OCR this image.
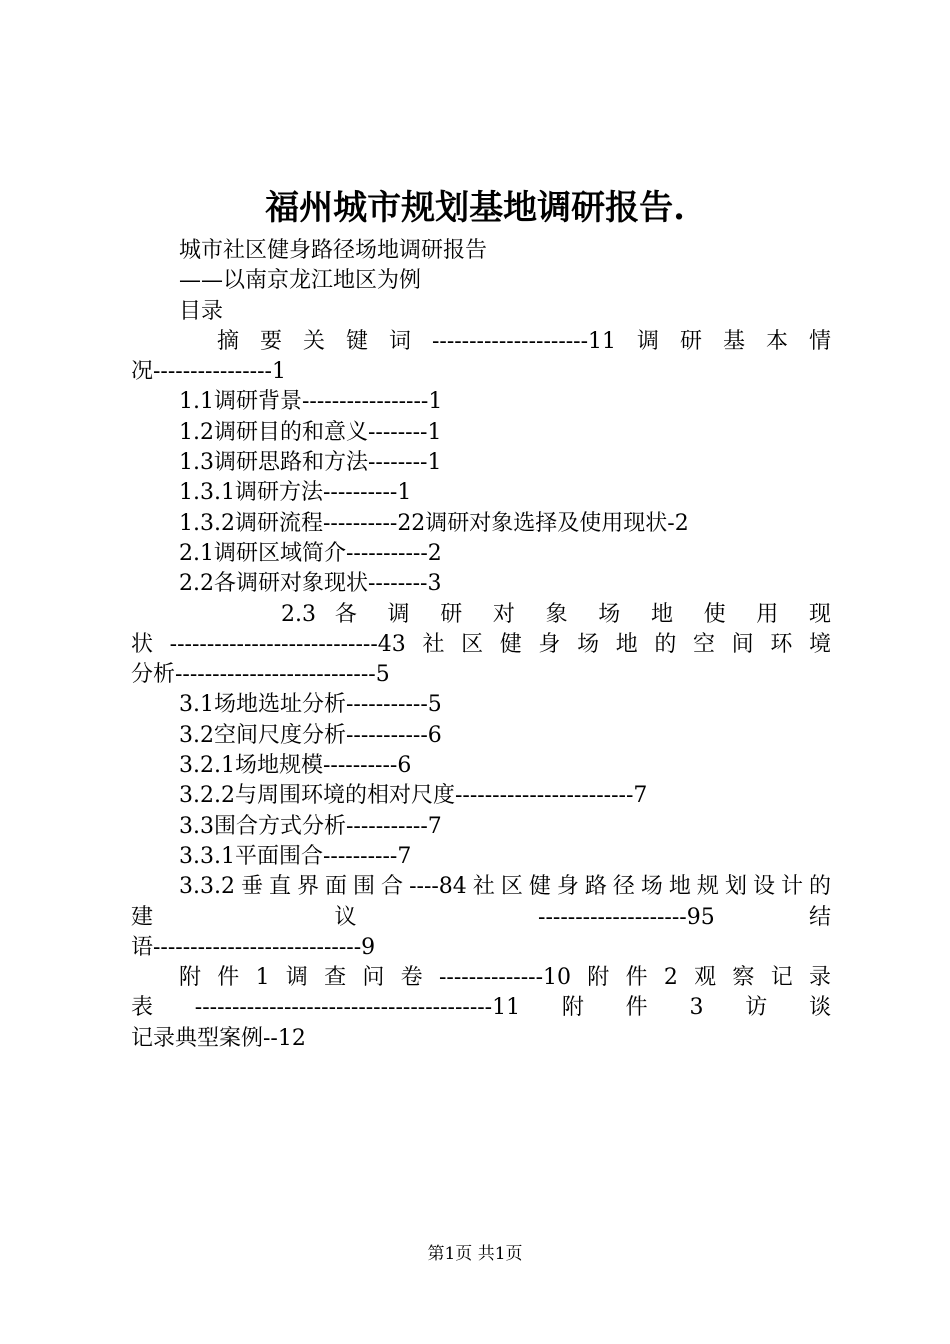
福州城市规划基地调研报告.
城市社区健身路径场地调研报告
——以南京龙江地区为例
目录
摘要关键词---------------------11调研基本情
况----------------1
1.1调研背景-----------------1
1.2调研目的和意义--------1
1.3调研思路和方法--------1
1.3.1调研方法----------1
1.3.2调研流程----------22调研对象选择及使用现状-2
2.1调研区域简介-----------2
2.2各调研对象现状--------3
2.3 各 调 研 对 象 场 地 使 用 现
状----------------------------43社区健身场地的空间环境
分析---------------------------5
3.1场地选址分析-----------5
3.2空间尺度分析-----------6
3.2.1场地规模----------6
3.2.2与周围环境的相对尺度------------------------7
3.3围合方式分析-----------7
3.3.1平面围合----------7
3.3.2垂直界面围合----84社区健身路径场地规划设计的
建 议 --------------------95 结
语----------------------------9
附件1调查问卷--------------10附件2观察记录
表----------------------------------------11附件3访谈
记录典型案例--12
第1页 共1页
